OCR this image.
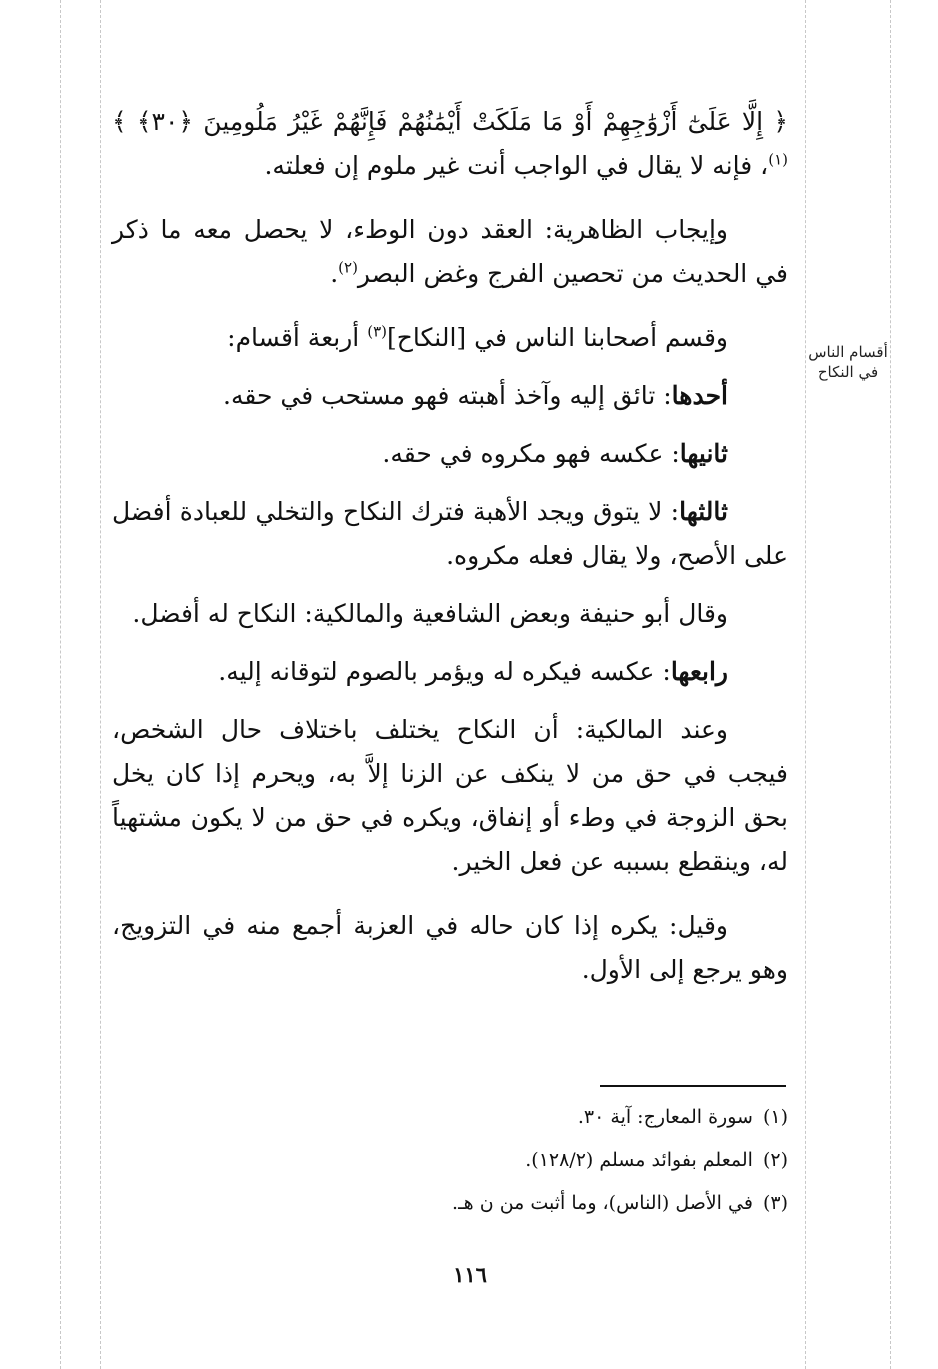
أقسام الناس
في النكاح

﴿ إِلَّا عَلَىٰٓ أَزْوَٰجِهِمْ أَوْ مَا مَلَكَتْ أَيْمَٰنُهُمْ فَإِنَّهُمْ غَيْرُ مَلُومِينَ ﴿٣٠﴾ ﴾$^{(١)}$، فإنه لا يقال في الواجب أنت غير ملوم إن فعلته.

وإيجاب الظاهرية: العقد دون الوطء، لا يحصل معه ما ذكر في الحديث من تحصين الفرج وغض البصر$^{(٢)}$.

وقسم أصحابنا الناس في [النكاح]$^{(٣)}$ أربعة أقسام:

أحدها: تائق إليه وآخذ أهبته فهو مستحب في حقه.

ثانيها: عكسه فهو مكروه في حقه.

ثالثها: لا يتوق ويجد الأهبة فترك النكاح والتخلي للعبادة أفضل على الأصح، ولا يقال فعله مكروه.

وقال أبو حنيفة وبعض الشافعية والمالكية: النكاح له أفضل.

رابعها: عكسه فيكره له ويؤمر بالصوم لتوقانه إليه.

وعند المالكية: أن النكاح يختلف باختلاف حال الشخص، فيجب في حق من لا ينكف عن الزنا إلاَّ به، ويحرم إذا كان يخل بحق الزوجة في وطء أو إنفاق، ويكره في حق من لا يكون مشتهياً له، وينقطع بسببه عن فعل الخير.

وقيل: يكره إذا كان حاله في العزبة أجمع منه في التزويج، وهو يرجع إلى الأول.

(١)سورة المعارج: آية ٣٠.

(٢)المعلم بفوائد مسلم (١٢٨/٢).

(٣)في الأصل (الناس)، وما أثبت من ن هـ.

١١٦
